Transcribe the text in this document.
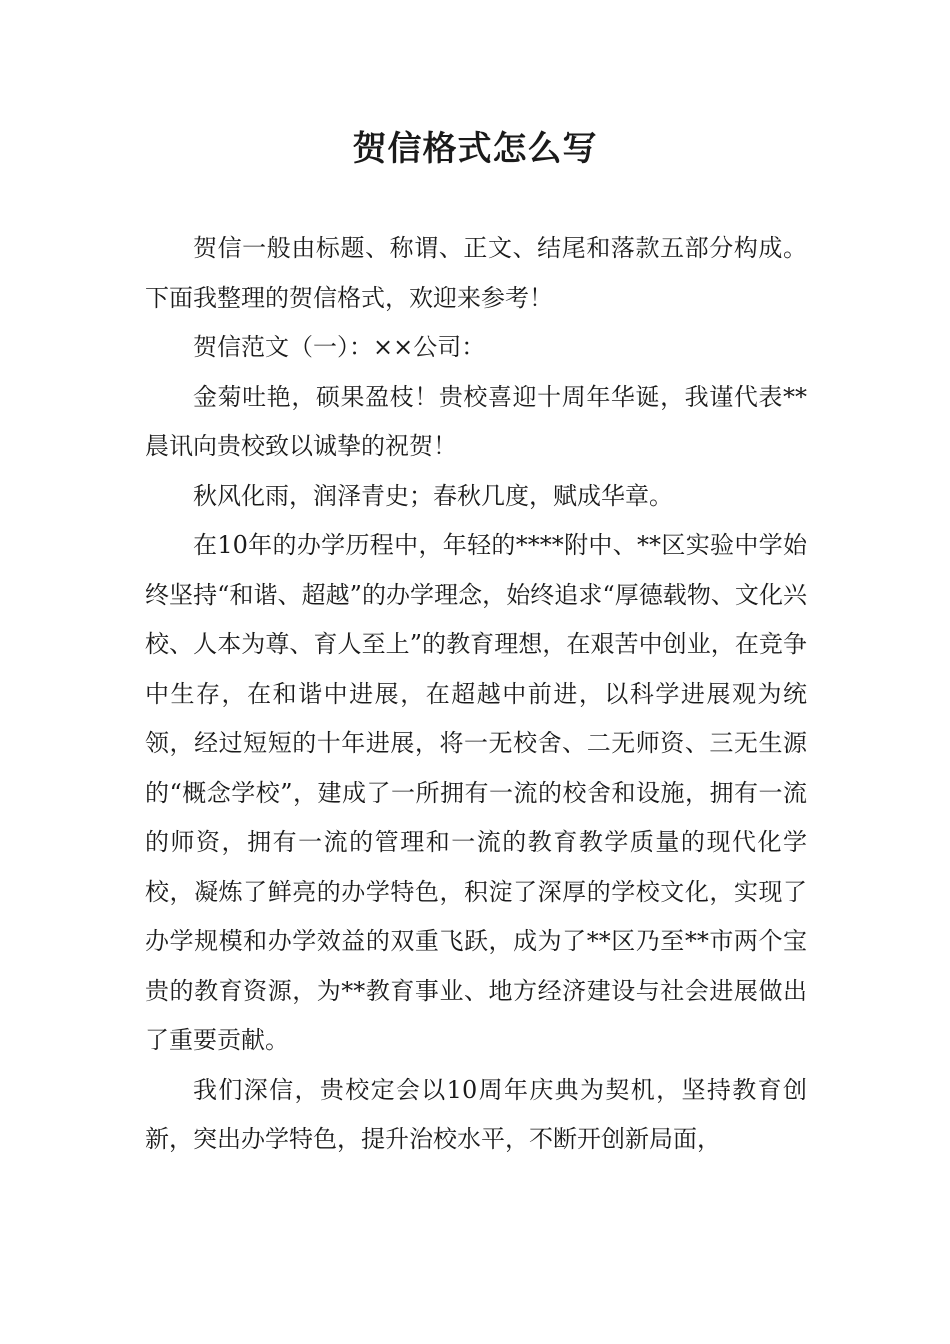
贺信格式怎么写

贺信一般由标题、称谓、正文、结尾和落款五部分构成。下面我整理的贺信格式，欢迎来参考！

贺信范文（一）：××公司：

金菊吐艳，硕果盈枝！贵校喜迎十周年华诞，我谨代表**晨讯向贵校致以诚挚的祝贺！

秋风化雨，润泽青史；春秋几度，赋成华章。

在10年的办学历程中，年轻的****附中、**区实验中学始终坚持“和谐、超越”的办学理念，始终追求“厚德载物、文化兴校、人本为尊、育人至上”的教育理想，在艰苦中创业，在竞争中生存，在和谐中进展，在超越中前进，以科学进展观为统领，经过短短的十年进展，将一无校舍、二无师资、三无生源的“概念学校”，建成了一所拥有一流的校舍和设施，拥有一流的师资，拥有一流的管理和一流的教育教学质量的现代化学校，凝炼了鲜亮的办学特色，积淀了深厚的学校文化，实现了办学规模和办学效益的双重飞跃，成为了**区乃至**市两个宝贵的教育资源，为**教育事业、地方经济建设与社会进展做出了重要贡献。

我们深信，贵校定会以10周年庆典为契机，坚持教育创新，突出办学特色，提升治校水平，不断开创新局面，
